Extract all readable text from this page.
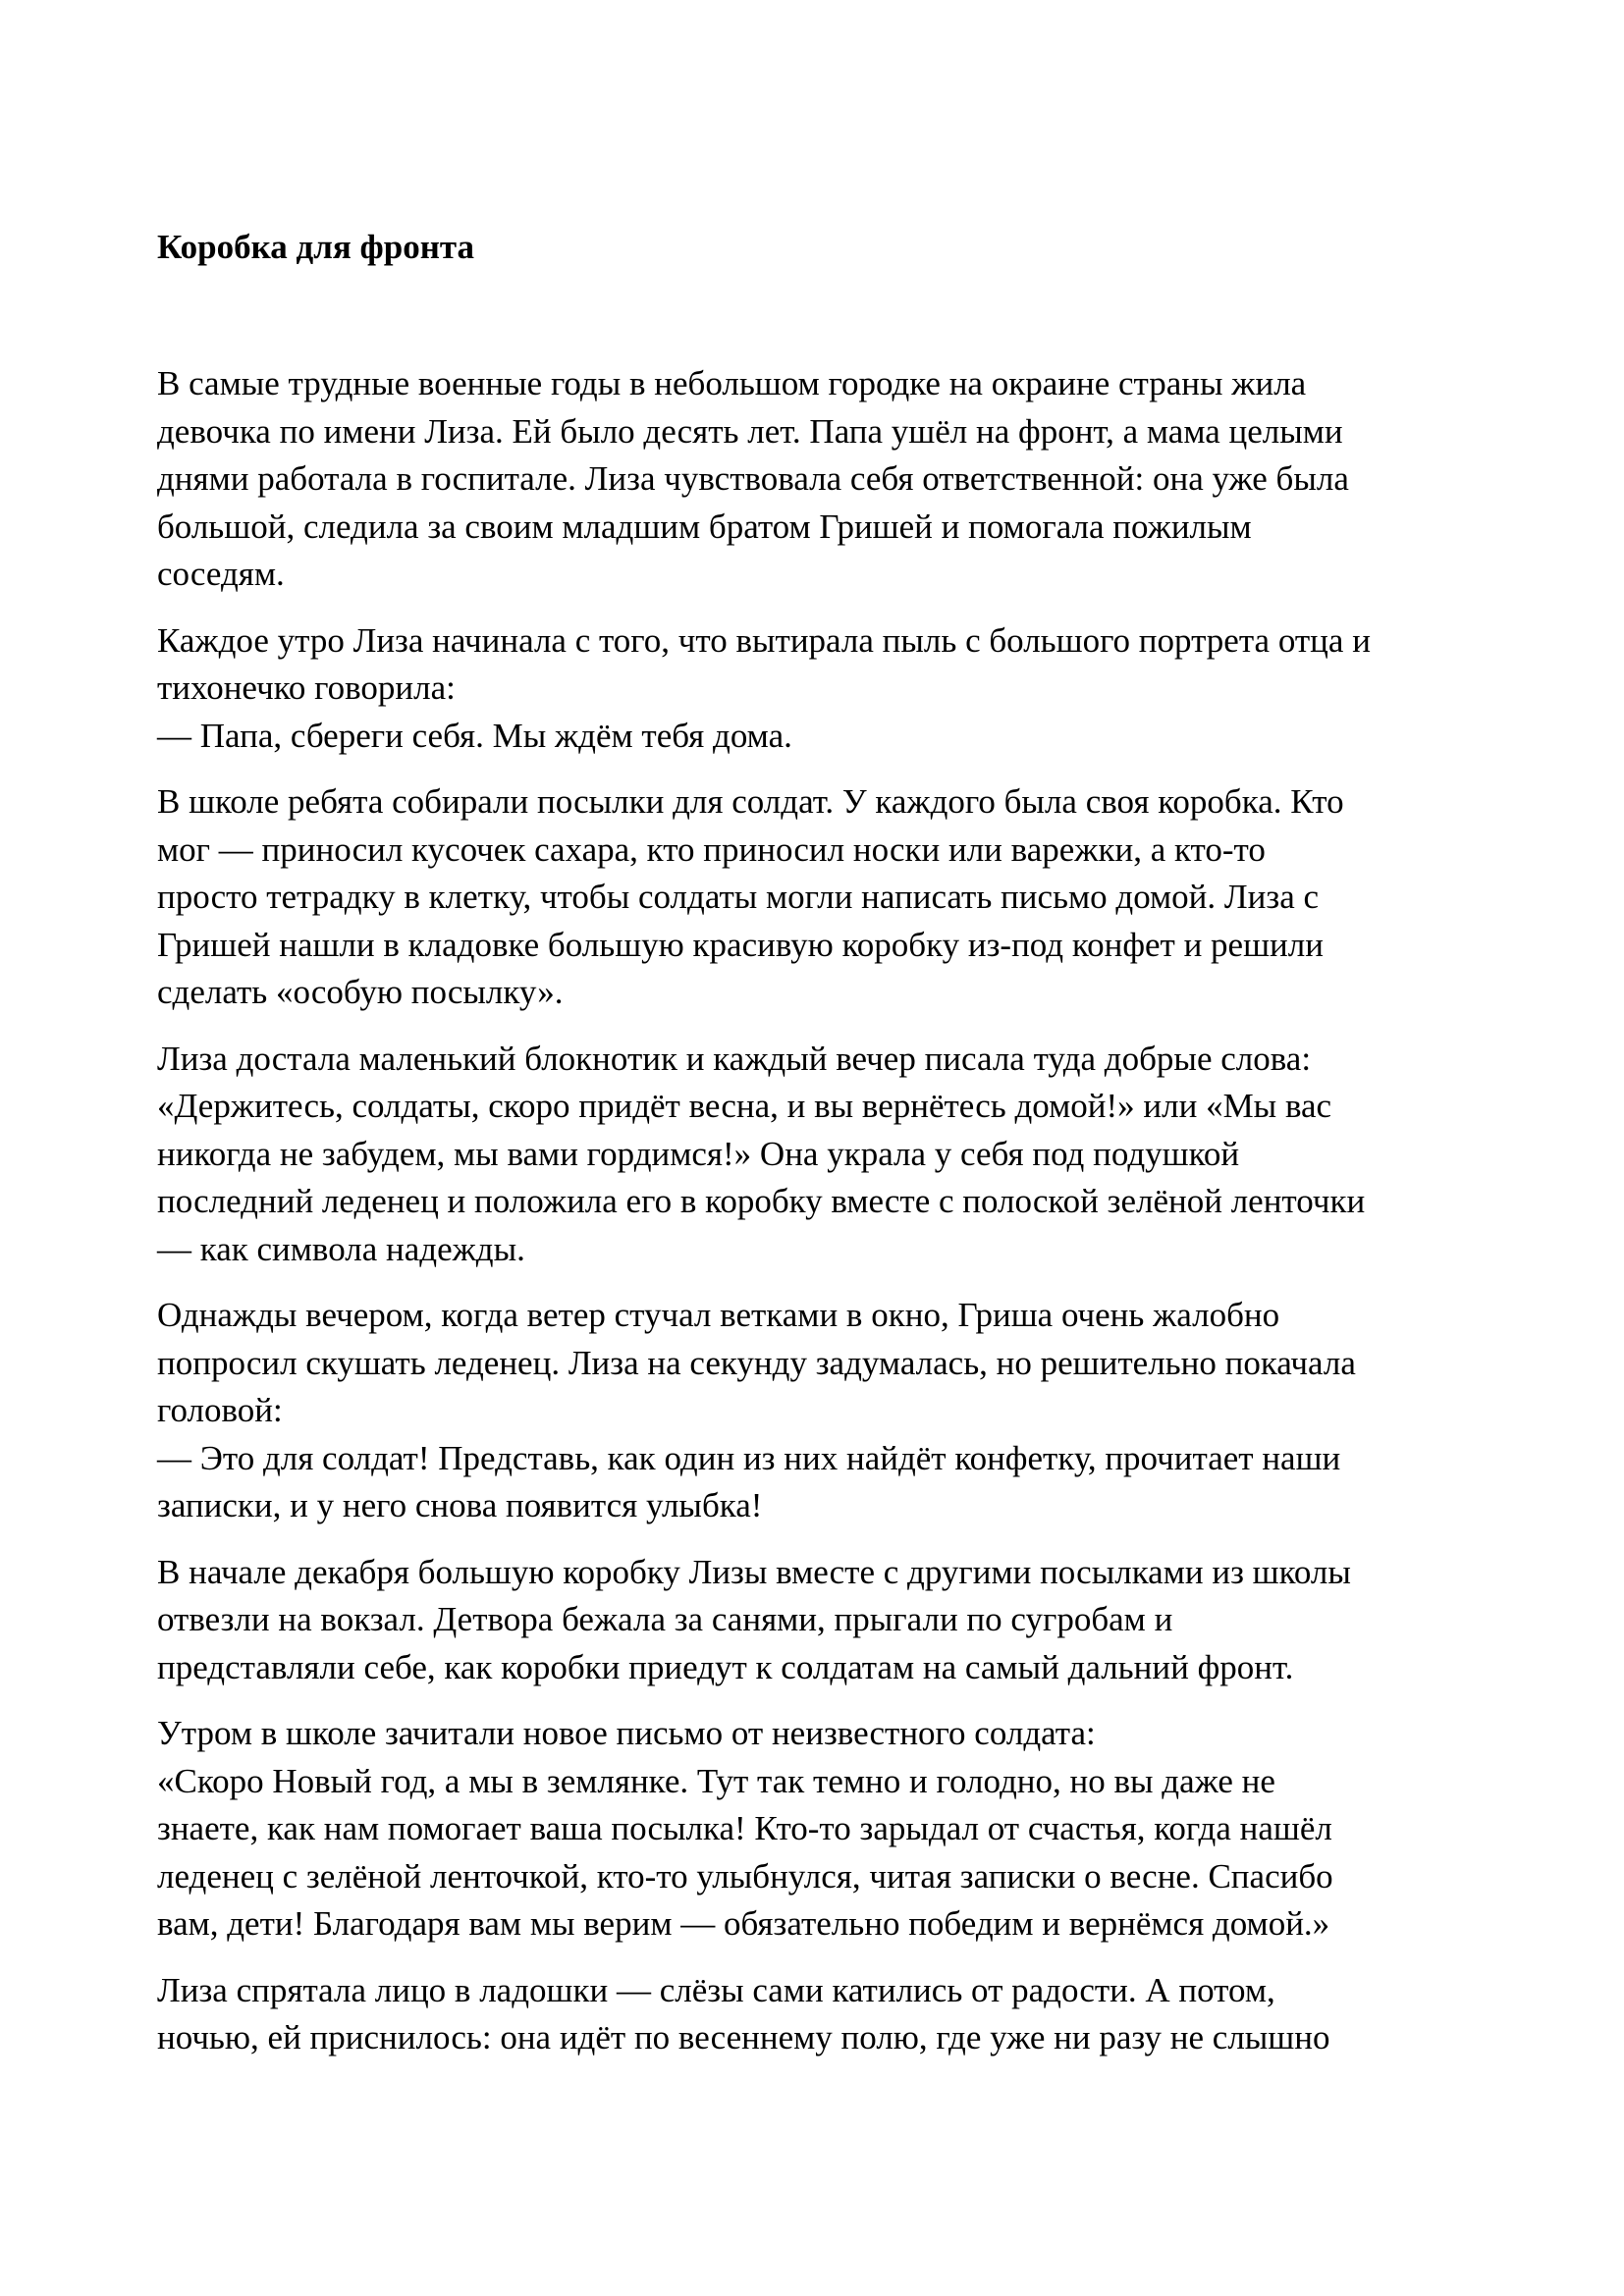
Коробка для фронта

В самые трудные военные годы в небольшом городке на окраине страны жила
девочка по имени Лиза. Ей было десять лет. Папа ушёл на фронт, а мама целыми
днями работала в госпитале. Лиза чувствовала себя ответственной: она уже была
большой, следила за своим младшим братом Гришей и помогала пожилым
соседям.

Каждое утро Лиза начинала с того, что вытирала пыль с большого портрета отца и
тихонечко говорила:
— Папа, сбереги себя. Мы ждём тебя дома.

В школе ребята собирали посылки для солдат. У каждого была своя коробка. Кто
мог — приносил кусочек сахара, кто приносил носки или варежки, а кто-то
просто тетрадку в клетку, чтобы солдаты могли написать письмо домой. Лиза с
Гришей нашли в кладовке большую красивую коробку из-под конфет и решили
сделать «особую посылку».

Лиза достала маленький блокнотик и каждый вечер писала туда добрые слова:
«Держитесь, солдаты, скоро придёт весна, и вы вернётесь домой!» или «Мы вас
никогда не забудем, мы вами гордимся!» Она украла у себя под подушкой
последний леденец и положила его в коробку вместе с полоской зелёной ленточки
— как символа надежды.

Однажды вечером, когда ветер стучал ветками в окно, Гриша очень жалобно
попросил скушать леденец. Лиза на секунду задумалась, но решительно покачала
головой:
— Это для солдат! Представь, как один из них найдёт конфетку, прочитает наши
записки, и у него снова появится улыбка!

В начале декабря большую коробку Лизы вместе с другими посылками из школы
отвезли на вокзал. Детвора бежала за санями, прыгали по сугробам и
представляли себе, как коробки приедут к солдатам на самый дальний фронт.

Утром в школе зачитали новое письмо от неизвестного солдата:
«Скоро Новый год, а мы в землянке. Тут так темно и голодно, но вы даже не
знаете, как нам помогает ваша посылка! Кто-то зарыдал от счастья, когда нашёл
леденец с зелёной ленточкой, кто-то улыбнулся, читая записки о весне. Спасибо
вам, дети! Благодаря вам мы верим — обязательно победим и вернёмся домой.»

Лиза спрятала лицо в ладошки — слёзы сами катились от радости. А потом,
ночью, ей приснилось: она идёт по весеннему полю, где уже ни разу не слышно
